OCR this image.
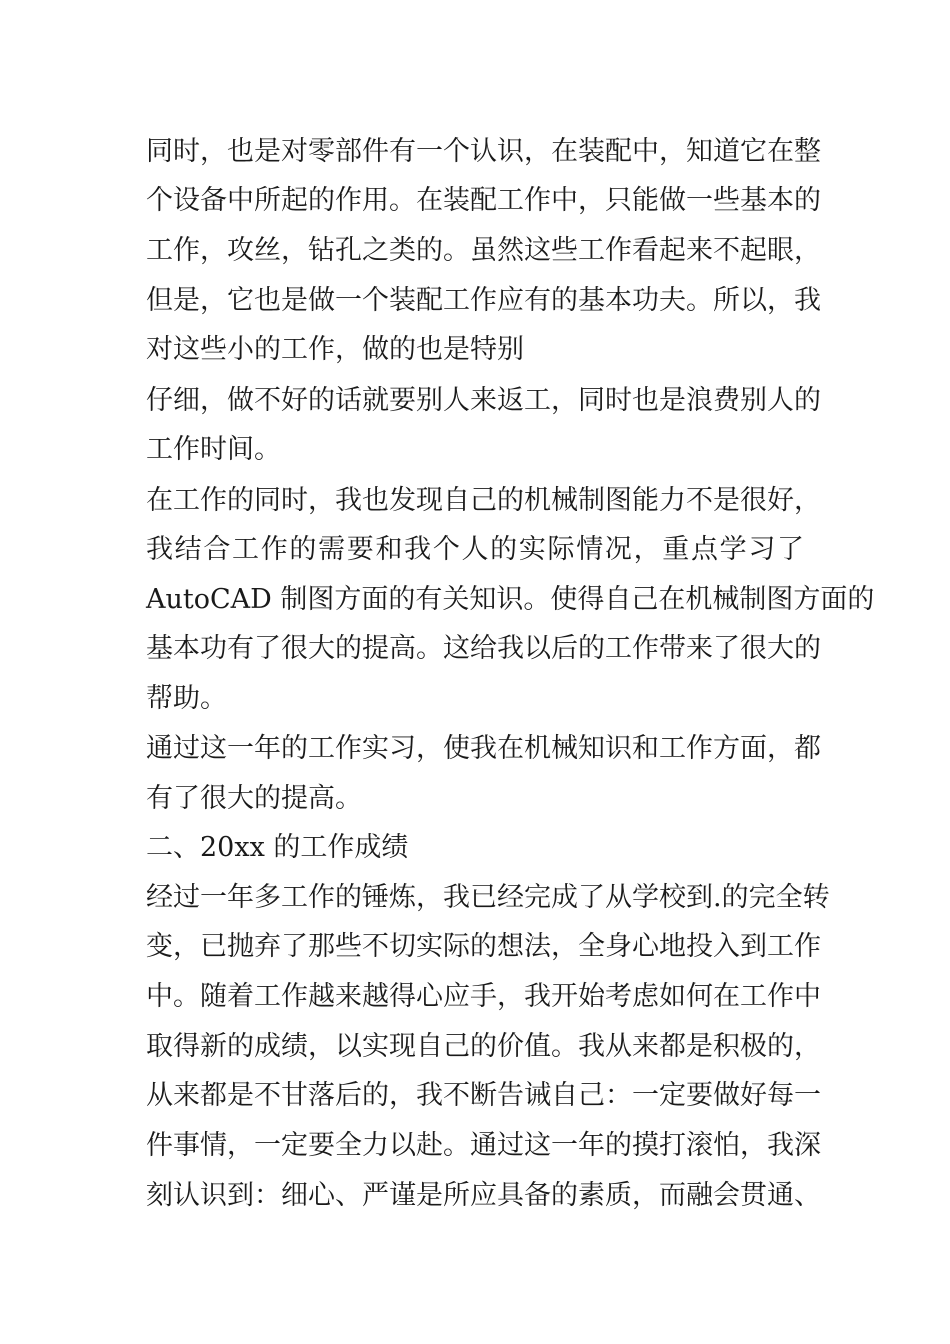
同时，也是对零部件有一个认识，在装配中，知道它在整
个设备中所起的作用。在装配工作中，只能做一些基本的
工作，攻丝，钻孔之类的。虽然这些工作看起来不起眼，
但是，它也是做一个装配工作应有的基本功夫。所以，我
对这些小的工作，做的也是特别
仔细，做不好的话就要别人来返工，同时也是浪费别人的
工作时间。
在工作的同时，我也发现自己的机械制图能力不是很好，
我结合工作的需要和我个人的实际情况，重点学习了
AutoCAD 制图方面的有关知识。使得自己在机械制图方面的
基本功有了很大的提高。这给我以后的工作带来了很大的
帮助。
通过这一年的工作实习，使我在机械知识和工作方面，都
有了很大的提高。
二、20xx 的工作成绩
经过一年多工作的锤炼，我已经完成了从学校到.的完全转
变，已抛弃了那些不切实际的想法，全身心地投入到工作
中。随着工作越来越得心应手，我开始考虑如何在工作中
取得新的成绩，以实现自己的价值。我从来都是积极的，
从来都是不甘落后的，我不断告诫自己：一定要做好每一
件事情，一定要全力以赴。通过这一年的摸打滚怕，我深
刻认识到：细心、严谨是所应具备的素质，而融会贯通、
